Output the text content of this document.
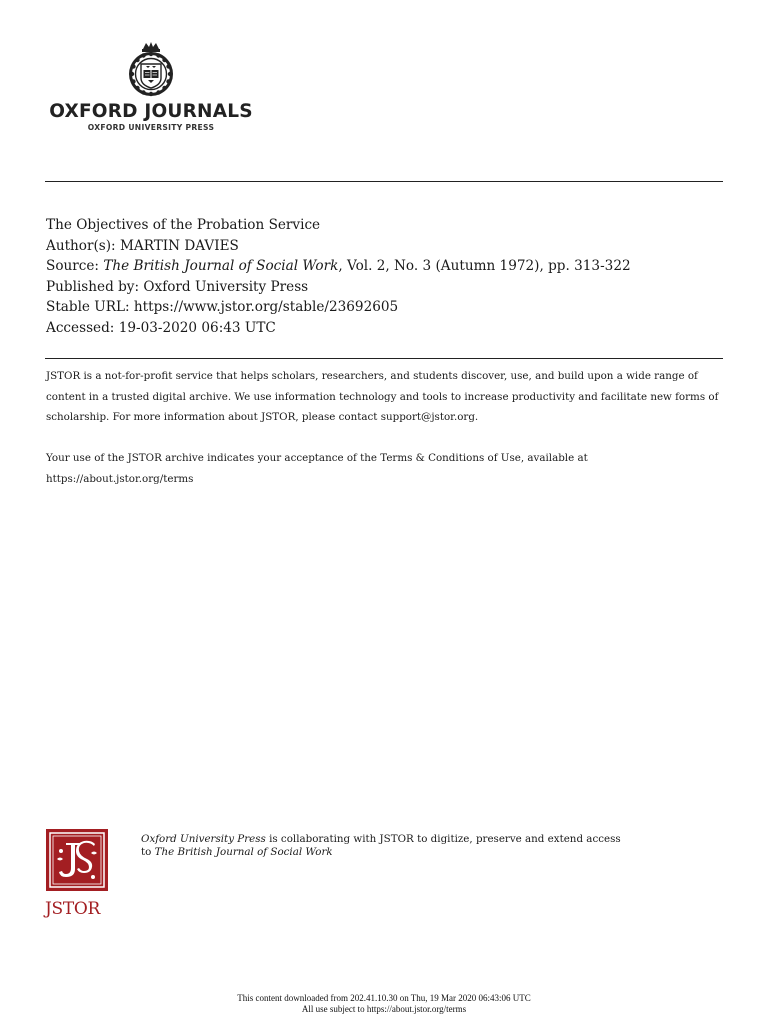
OXFORD JOURNALS
OXFORD UNIVERSITY PRESS
The Objectives of the Probation Service
Author(s): MARTIN DAVIES
Source: The British Journal of Social Work, Vol. 2, No. 3 (Autumn 1972), pp. 313-322
Published by: Oxford University Press
Stable URL: https://www.jstor.org/stable/23692605
Accessed: 19-03-2020 06:43 UTC

JSTOR is a not-for-profit service that helps scholars, researchers, and students discover, use, and build upon a wide range of content in a trusted digital archive. We use information technology and tools to increase productivity and facilitate new forms of scholarship. For more information about JSTOR, please contact support@jstor.org.

Your use of the JSTOR archive indicates your acceptance of the Terms & Conditions of Use, available at https://about.jstor.org/terms

JSTOR
Oxford University Press is collaborating with JSTOR to digitize, preserve and extend access
to The British Journal of Social Work
This content downloaded from 202.41.10.30 on Thu, 19 Mar 2020 06:43:06 UTC
All use subject to https://about.jstor.org/terms
